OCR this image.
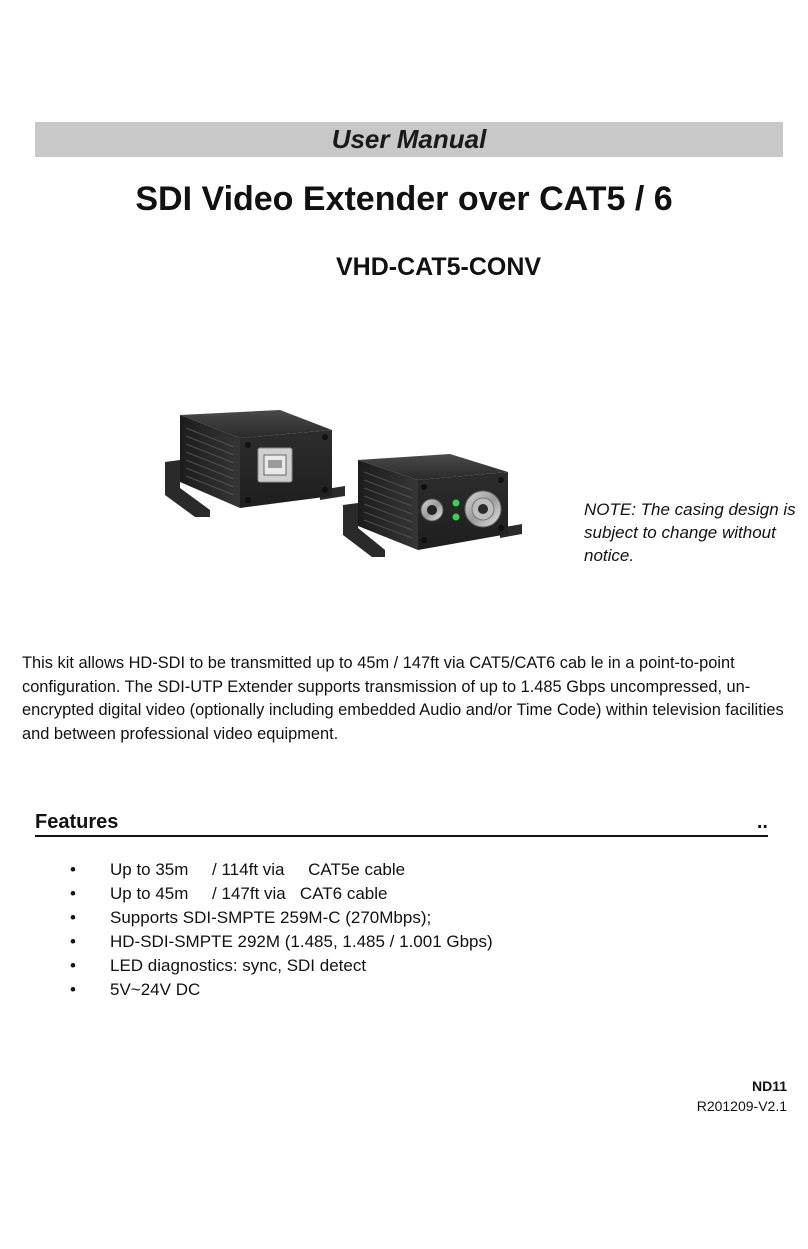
User Manual
SDI Video Extender over CAT5 / 6
VHD-CAT5-CONV
NOTE: The casing design is subject to change without notice.

This kit allows HD-SDI to be transmitted up to 45m / 147ft via CAT5/CAT6 cab le in a point-to-point configuration. The SDI-UTP Extender supports transmission of up to 1.485 Gbps uncompressed, un-encrypted digital video (optionally including embedded Audio and/or Time Code) within television facilities and between professional video equipment.

Features	..

•

	Up to 35m     / 114ft via     CAT5e cable

•

	Up to 45m     / 147ft via   CAT6 cable

•

	Supports SDI-SMPTE 259M-C (270Mbps);

•

	HD-SDI-SMPTE 292M (1.485, 1.485 / 1.001 Gbps)

•

	LED diagnostics: sync, SDI detect

•

	5V~24V DC

ND11
R201209-V2.1
